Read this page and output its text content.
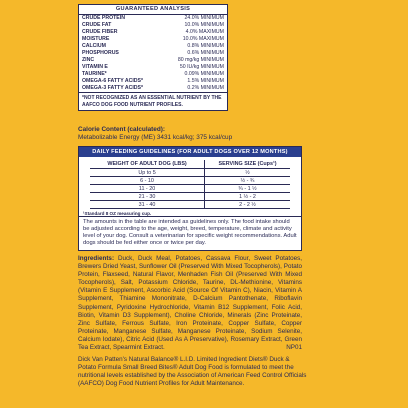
GUARANTEED ANALYSIS
CRUDE PROTEIN	24.0% MINIMUM
CRUDE FAT	10.0% MINIMUM
CRUDE FIBER	4.0% MAXIMUM
MOISTURE	10.0% MAXIMUM
CALCIUM	0.8% MINIMUM
PHOSPHORUS	0.6% MINIMUM
ZINC	80 mg/kg MINIMUM
VITAMIN E	50 IU/kg MINIMUM
TAURINE*	0.09% MINIMUM
OMEGA-6 FATTY ACIDS*	1.5% MINIMUM
OMEGA-3 FATTY ACIDS*	0.2% MINIMUM
*NOT RECOGNIZED AS AN ESSENTIAL NUTRIENT BY THE AAFCO DOG FOOD NUTRIENT PROFILES.
Calorie Content (calculated):
Metabolizable Energy (ME) 3431 kcal/kg; 375 kcal/cup
DAILY FEEDING GUIDELINES (FOR ADULT DOGS OVER 12 MONTHS)
WEIGHT OF ADULT DOG (LBS)	SERVING SIZE (Cups¹)
Up to 5	½
6 - 10	½ - ¾
11 - 20	¾ - 1 ½
21 - 30	1 ½ - 2
31 - 40	2 - 2 ½
¹Standard 8 OZ measuring cup.
The amounts in the table are intended as guidelines only. The food intake should be adjusted according to the age, weight, breed, temperature, climate and activity level of your dog. Consult a veterinarian for specific weight recommendations. Adult dogs should be fed either once or twice per day.
Ingredients: Duck, Duck Meal, Potatoes, Cassava Flour, Sweet Potatoes, Brewers Dried Yeast, Sunflower Oil (Preserved With Mixed Tocopherols), Potato Protein, Flaxseed, Natural Flavor, Menhaden Fish Oil (Preserved With Mixed Tocopherols), Salt, Potassium Chloride, Taurine, DL-Methionine, Vitamins (Vitamin E Supplement, Ascorbic Acid (Source Of Vitamin C), Niacin, Vitamin A Supplement, Thiamine Mononitrate, D-Calcium Pantothenate, Riboflavin Supplement, Pyridoxine Hydrochloride, Vitamin B12 Supplement, Folic Acid, Biotin, Vitamin D3 Supplement), Choline Chloride, Minerals (Zinc Proteinate, Zinc Sulfate, Ferrous Sulfate, Iron Proteinate, Copper Sulfate, Copper Proteinate, Manganese Sulfate, Manganese Proteinate, Sodium Selenite, Calcium Iodate), Citric Acid (Used As A Preservative), Rosemary Extract, Green Tea Extract, Spearmint Extract.	NP01
Dick Van Patten's Natural Balance® L.I.D. Limited Ingredient Diets® Duck & Potato Formula Small Breed Bites® Adult Dog Food is formulated to meet the nutritional levels established by the Association of American Feed Control Officials (AAFCO) Dog Food Nutrient Profiles for Adult Maintenance.
